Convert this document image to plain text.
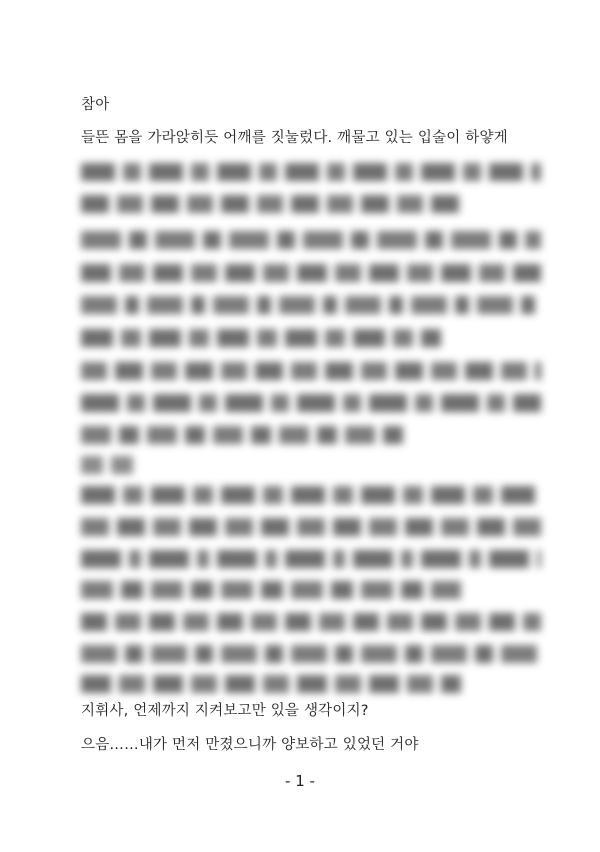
참아
들뜬 몸을 가라앉히듯 어깨를 짓눌렀다. 깨물고 있는 입술이 하얗게
지휘사, 언제까지 지켜보고만 있을 생각이지?
으음……내가 먼저 만졌으니까 양보하고 있었던 거야
- 1 -
